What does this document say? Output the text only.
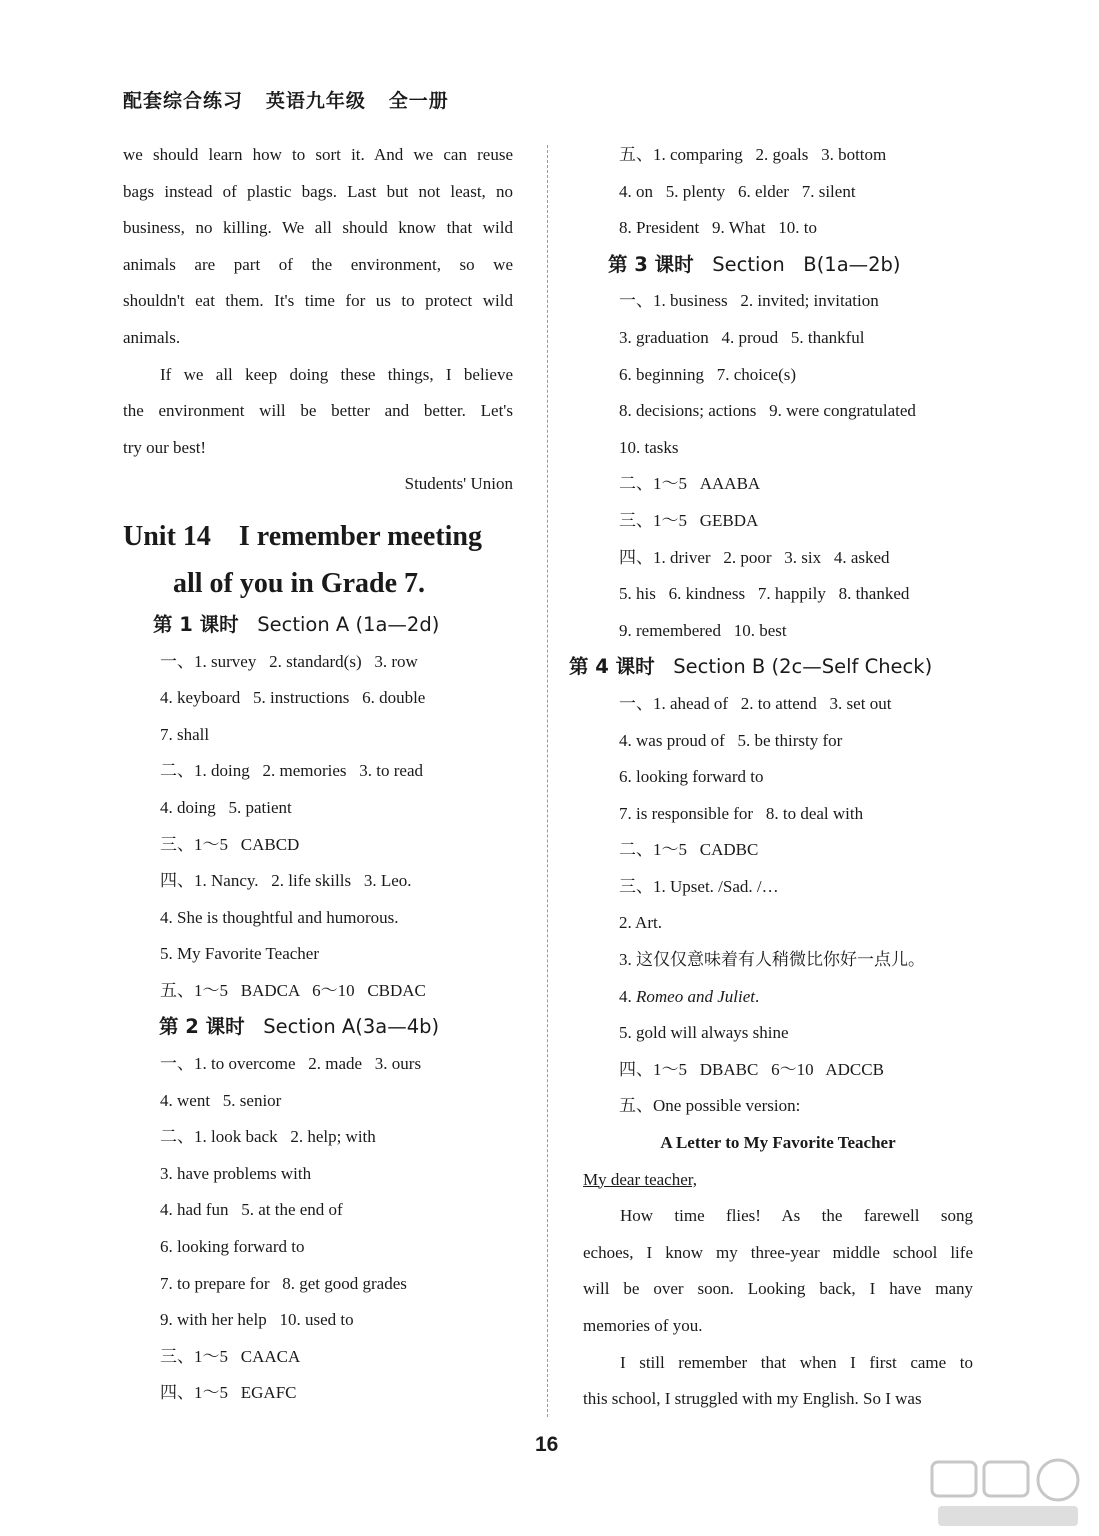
配套综合练习   英语九年级   全一册
we should learn how to sort it. And we can reuse
bags instead of plastic bags. Last but not least, no
business, no killing. We all should know that wild
animals are part of the environment, so we
shouldn't eat them. It's time for us to protect wild
animals.
If we all keep doing these things, I believe
the environment will be better and better. Let's
try our best!
Students' Union
Unit 14    I remember meeting
all of you in Grade 7.
第 1 课时 Section A (1a—2d)
一、1. survey   2. standard(s)   3. row
4. keyboard   5. instructions   6. double
7. shall
二、1. doing   2. memories   3. to read
4. doing   5. patient
三、1～5   CABCD
四、1. Nancy.   2. life skills   3. Leo.
4. She is thoughtful and humorous.
5. My Favorite Teacher
五、1～5   BADCA   6～10   CBDAC
第 2 课时 Section A(3a—4b)
一、1. to overcome   2. made   3. ours
4. went   5. senior
二、1. look back   2. help; with
3. have problems with
4. had fun   5. at the end of
6. looking forward to
7. to prepare for   8. get good grades
9. with her help   10. used to
三、1～5   CAACA
四、1～5   EGAFC
五、1. comparing   2. goals   3. bottom
4. on   5. plenty   6. elder   7. silent
8. President   9. What   10. to
第 3 课时 Section   B(1a—2b)
一、1. business   2. invited; invitation
3. graduation   4. proud   5. thankful
6. beginning   7. choice(s)
8. decisions; actions   9. were congratulated
10. tasks
二、1～5   AAABA
三、1～5   GEBDA
四、1. driver   2. poor   3. six   4. asked
5. his   6. kindness   7. happily   8. thanked
9. remembered   10. best
第 4 课时 Section B (2c—Self Check)
一、1. ahead of   2. to attend   3. set out
4. was proud of   5. be thirsty for
6. looking forward to
7. is responsible for   8. to deal with
二、1～5   CADBC
三、1. Upset. /Sad. /…
2. Art.
3. 这仅仅意味着有人稍微比你好一点儿。
4. Romeo and Juliet.
5. gold will always shine
四、1～5   DBABC   6～10   ADCCB
五、One possible version:
A Letter to My Favorite Teacher
My dear teacher,
How time flies! As the farewell song
echoes, I know my three-year middle school life
will be over soon. Looking back, I have many
memories of you.
I still remember that when I first came to
this school, I struggled with my English. So I was
16
